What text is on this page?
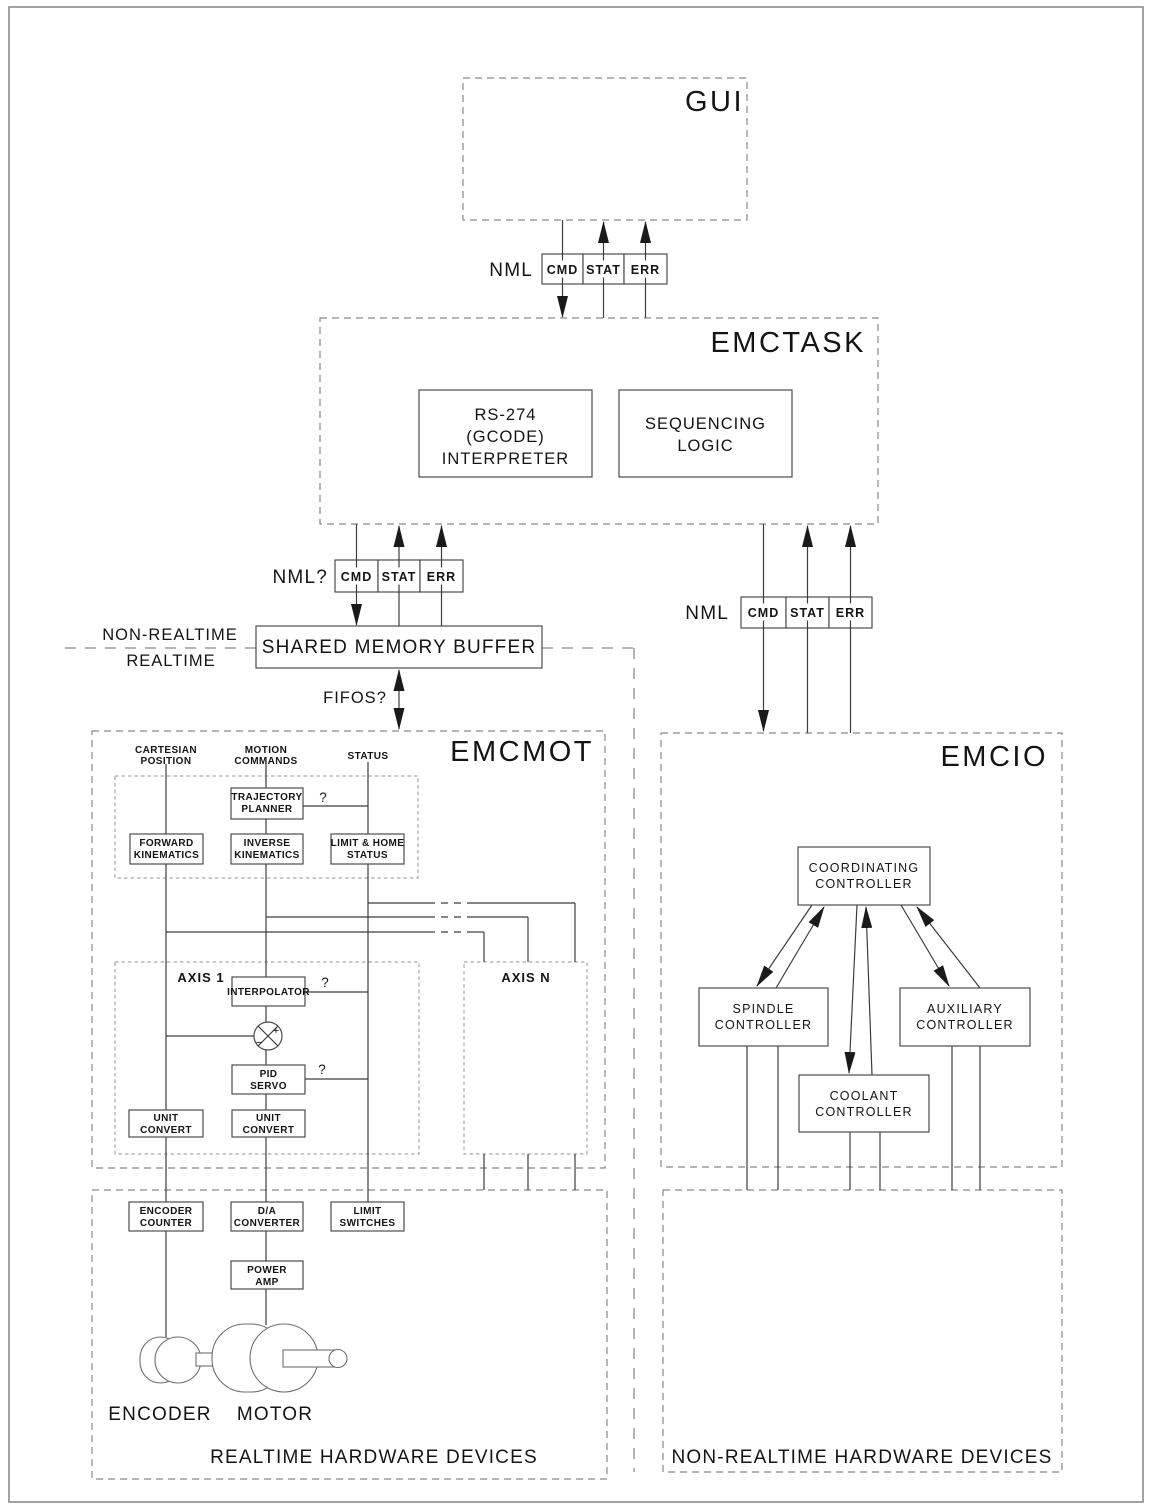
GUI
NML CMD STAT ERR
EMCTASK
RS-274
(GCODE)
INTERPRETER
SEQUENCING
LOGIC
NML? CMD STAT ERR
SHARED MEMORY BUFFER
NON-REALTIME
REALTIME
FIFOS?
EMCMOT
CARTESIAN
POSITION
MOTION
COMMANDS	STATUS
TRAJECTORY
PLANNER
?
FORWARD
KINEMATICS
INVERSE
KINEMATICS
LIMIT & HOME
STATUS
AXIS 1	AXIS N
INTERPOLATOR
?
+
−
PID
SERVO
?
UNIT
CONVERT
UNIT
CONVERT
ENCODER
COUNTER
D/A
CONVERTER
LIMIT
SWITCHES
POWER
AMP
ENCODER MOTOR
REALTIME HARDWARE DEVICES
NML CMD STAT ERR
EMCIO
COORDINATING
CONTROLLER
SPINDLE
CONTROLLER
AUXILIARY
CONTROLLER
COOLANT
CONTROLLER
NON-REALTIME HARDWARE DEVICES
